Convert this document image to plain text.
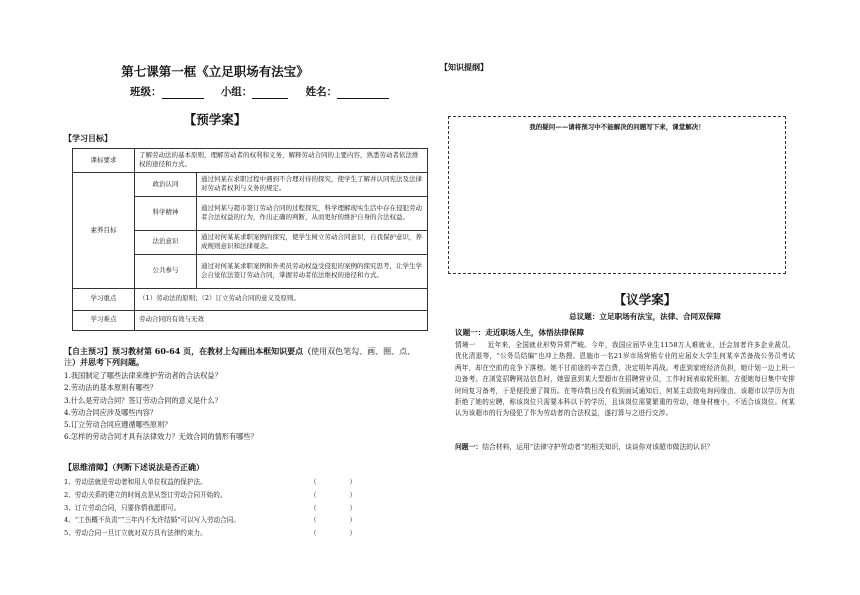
第七课第一框《立足职场有法宝》
班级：	小组：	姓名：
【预学案】
【学习目标】
课标要求	了解劳动法的基本原则，理解劳动者的权利和义务，解释劳动合同的主要内容，熟悉劳动者依法维权的途径和方式。	
素养目标	政治认同	通过何某在求职过程中遇到不合理对待的探究，使学生了解并认同宪法及法律对劳动者权利与义务的规定。
	科学精神	通过何某与超市签订劳动合同的过程探究，科学理解现实生活中存在侵犯劳动者合法权益的行为，作出正确的判断，从而更好的维护自身的合法权益。
	法治意识	通过对何某某求职案例的探究，使学生树立劳动合同意识，自我保护意识，养成规则意识和法律观念。
	公共参与	通过对何某某求职案例和外卖员劳动权益受侵犯的案例的探究思考，让学生学会自觉依法签订劳动合同，掌握劳动者依法维权的途径和方式。
学习重点	（1）劳动法的原则；（2）订立劳动合同的意义及原则。	
学习难点	劳动合同的有效与无效	
【自主预习】预习教材第 60-64 页，在教材上勾画出本框知识要点（使用双色笔勾、画、圈、点、注）并思考下列问题。
1.我国制定了哪些法律来维护劳动者的合法权益？
2.劳动法的基本原则有哪些？
3.什么是劳动合同？签订劳动合同的意义是什么？
4.劳动合同应涉及哪些内容？
5.订立劳动合同应遵循哪些原则？
6.怎样的劳动合同才具有法律效力？无效合同的情形有哪些？
【思维清障】（判断下述说法是否正确）
1、劳动法就是劳动者和用人单位权益的保护法。	（　　　　　）
2、劳动关系的建立的时间点是从签订劳动合同开始的。	（　　　　　）
3、订立劳动合同，只要你情我愿即可。	（　　　　　）
4、“工伤概不负责”“三年内不允许结婚”可以写入劳动合同。	（　　　　　）
5、劳动合同一旦订立就对双方具有法律约束力。	（　　　　　）
【知识提纲】
我的疑问——请将预习中不能解决的问题写下来，课堂解决！
【议学案】
总议题：立足职场有法宝，法律、合同双保障
议题一：走近职场人生，体悟法律保障
情境一 近年来，全国就业形势异常严峻。今年，我国应届毕业生1158万人难就业，还会加者许多企业裁员、优化清退等，“公务员结编”也冲上热搜。恩施市一名21岁市场营销专业的应届女大学生何某辛苦备战公务员考试两年，却在空前的竞争下落榜。她不甘前途的辛苦白费，决定明年再战。考虑到家庭经济负担，她计划一边上班一边备考。在浏览招聘网站信息时，她留意到某大型超市在招聘营业员，工作时间表取轮班制，方便她每日集中安排时间复习备考，于是便投递了简历。在等待数日没有收到面试通知后，何某主动致电询问缘由，该超市以学历为由拒绝了她的应聘，称该岗位只需要本科以下的学历，且该岗位需要繁重的劳动，她身材瘦小，不适合该岗位。何某认为该超市的行为侵犯了作为劳动者的合法权益，遂打算与之进行交涉。
问题一：结合材料，运用“法律守护劳动者”的相关知识，谈谈你对该超市做法的认识？
